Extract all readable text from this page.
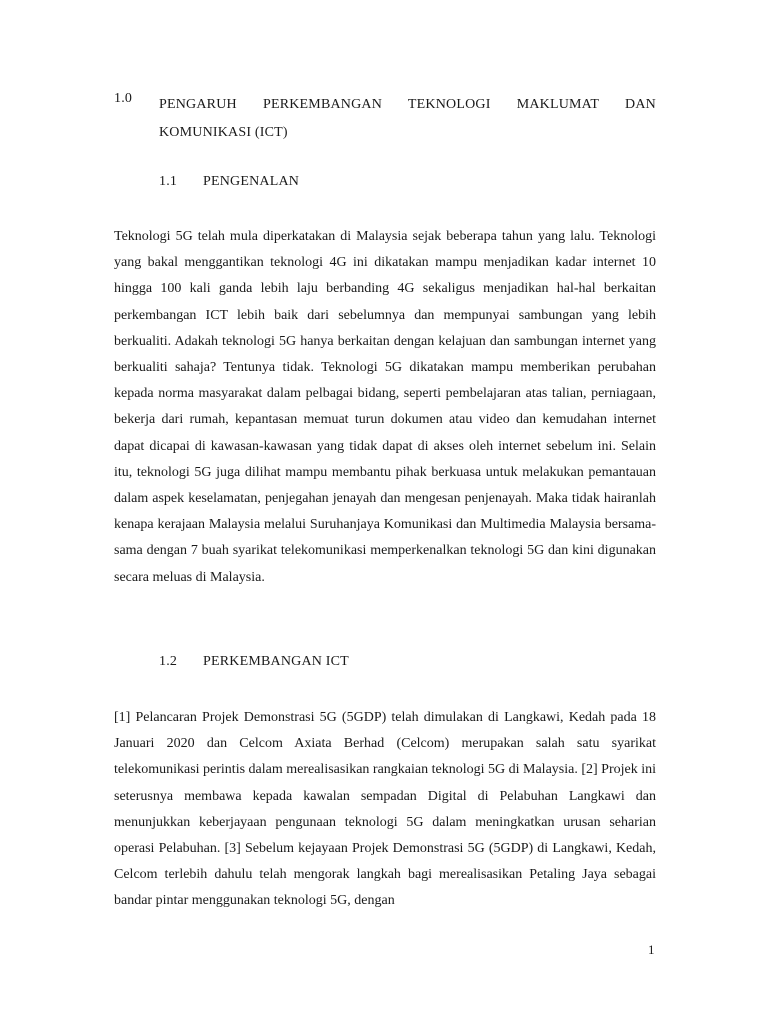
1.0 PENGARUH PERKEMBANGAN TEKNOLOGI MAKLUMAT DAN KOMUNIKASI (ICT)
1.1 PENGENALAN

Teknologi 5G telah mula diperkatakan di Malaysia sejak beberapa tahun yang lalu. Teknologi yang bakal menggantikan teknologi 4G ini dikatakan mampu menjadikan kadar internet 10 hingga 100 kali ganda lebih laju berbanding 4G sekaligus menjadikan hal-hal berkaitan perkembangan ICT lebih baik dari sebelumnya dan mempunyai sambungan yang lebih berkualiti. Adakah teknologi 5G hanya berkaitan dengan kelajuan dan sambungan internet yang berkualiti sahaja? Tentunya tidak. Teknologi 5G dikatakan mampu memberikan perubahan kepada norma masyarakat dalam pelbagai bidang, seperti pembelajaran atas talian, perniagaan, bekerja dari rumah, kepantasan memuat turun dokumen atau video dan kemudahan internet dapat dicapai di kawasan-kawasan yang tidak dapat di akses oleh internet sebelum ini. Selain itu, teknologi 5G juga dilihat mampu membantu pihak berkuasa untuk melakukan pemantauan dalam aspek keselamatan, penjegahan jenayah dan mengesan penjenayah. Maka tidak hairanlah kenapa kerajaan Malaysia melalui Suruhanjaya Komunikasi dan Multimedia Malaysia bersama-sama dengan 7 buah syarikat telekomunikasi memperkenalkan teknologi 5G dan kini digunakan secara meluas di Malaysia.

1.2 PERKEMBANGAN ICT

[1] Pelancaran Projek Demonstrasi 5G (5GDP) telah dimulakan di Langkawi, Kedah pada 18 Januari 2020 dan Celcom Axiata Berhad (Celcom) merupakan salah satu syarikat telekomunikasi perintis dalam merealisasikan rangkaian teknologi 5G di Malaysia. [2] Projek ini seterusnya membawa kepada kawalan sempadan Digital di Pelabuhan Langkawi dan menunjukkan keberjayaan pengunaan teknologi 5G dalam meningkatkan urusan seharian operasi Pelabuhan. [3] Sebelum kejayaan Projek Demonstrasi 5G (5GDP) di Langkawi, Kedah, Celcom terlebih dahulu telah mengorak langkah bagi merealisasikan Petaling Jaya sebagai bandar pintar menggunakan teknologi 5G, dengan

1
